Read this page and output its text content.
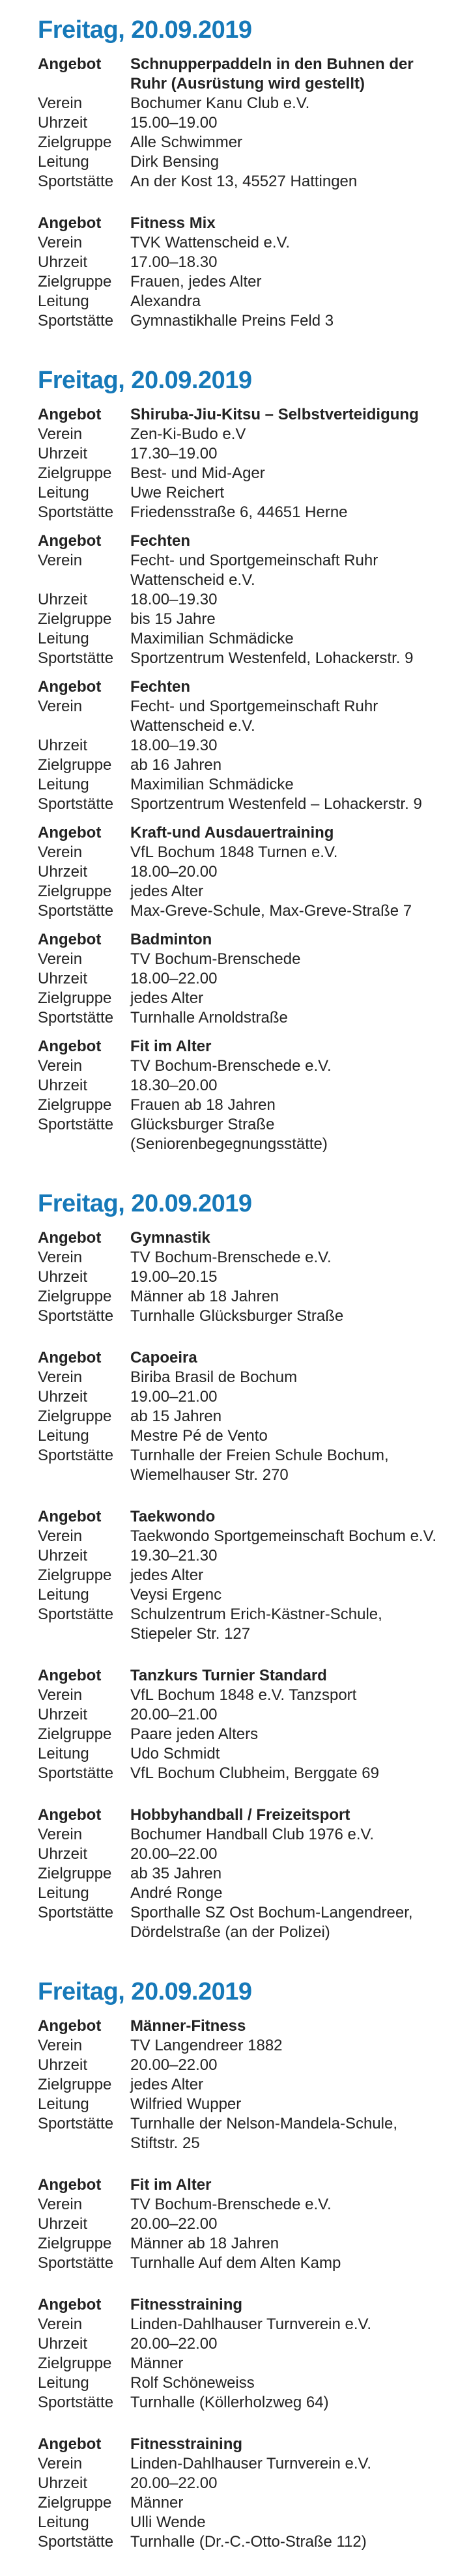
Freitag, 20.09.2019
Angebot	Schnupperpaddeln in den Buhnen der Ruhr (Ausrüstung wird gestellt)
Verein	Bochumer Kanu Club e.V.
Uhrzeit	15.00–19.00
Zielgruppe	Alle Schwimmer
Leitung	Dirk Bensing
Sportstätte	An der Kost 13, 45527 Hattingen
Angebot	Fitness Mix
Verein	TVK Wattenscheid e.V.
Uhrzeit	17.00–18.30
Zielgruppe	Frauen, jedes Alter
Leitung	Alexandra
Sportstätte	Gymnastikhalle Preins Feld 3
Freitag, 20.09.2019
Angebot	Shiruba-Jiu-Kitsu – Selbstverteidigung
Verein	Zen-Ki-Budo e.V
Uhrzeit	17.30–19.00
Zielgruppe	Best- und Mid-Ager
Leitung	Uwe Reichert
Sportstätte	Friedensstraße 6, 44651 Herne
Angebot	Fechten
Verein	Fecht- und Sportgemeinschaft Ruhr Wattenscheid e.V.
Uhrzeit	18.00–19.30
Zielgruppe	bis 15 Jahre
Leitung	Maximilian Schmädicke
Sportstätte	Sportzentrum Westenfeld, Lohackerstr. 9
Angebot	Fechten
Verein	Fecht- und Sportgemeinschaft Ruhr Wattenscheid e.V.
Uhrzeit	18.00–19.30
Zielgruppe	ab 16 Jahren
Leitung	Maximilian Schmädicke
Sportstätte	Sportzentrum Westenfeld – Lohackerstr. 9
Angebot	Kraft-und Ausdauertraining
Verein	VfL Bochum 1848 Turnen e.V.
Uhrzeit	18.00–20.00
Zielgruppe	jedes Alter
Sportstätte	Max-Greve-Schule, Max-Greve-Straße 7
Angebot	Badminton
Verein	TV Bochum-Brenschede
Uhrzeit	18.00–22.00
Zielgruppe	jedes Alter
Sportstätte	Turnhalle Arnoldstraße
Angebot	Fit im Alter
Verein	TV Bochum-Brenschede e.V.
Uhrzeit	18.30–20.00
Zielgruppe	Frauen ab 18 Jahren
Sportstätte	Glücksburger Straße (Seniorenbegegnungsstätte)
Freitag, 20.09.2019
Angebot	Gymnastik
Verein	TV Bochum-Brenschede e.V.
Uhrzeit	19.00–20.15
Zielgruppe	Männer ab 18 Jahren
Sportstätte	Turnhalle Glücksburger Straße
Angebot	Capoeira
Verein	Biriba Brasil de Bochum
Uhrzeit	19.00–21.00
Zielgruppe	ab 15 Jahren
Leitung	Mestre Pé de Vento
Sportstätte	Turnhalle der Freien Schule Bochum, Wiemelhauser Str. 270
Angebot	Taekwondo
Verein	Taekwondo Sportgemeinschaft Bochum e.V.
Uhrzeit	19.30–21.30
Zielgruppe	jedes Alter
Leitung	Veysi Ergenc
Sportstätte	Schulzentrum Erich-Kästner-Schule, Stiepeler Str. 127
Angebot	Tanzkurs Turnier Standard
Verein	VfL Bochum 1848 e.V. Tanzsport
Uhrzeit	20.00–21.00
Zielgruppe	Paare jeden Alters
Leitung	Udo Schmidt
Sportstätte	VfL Bochum Clubheim, Berggate 69
Angebot	Hobbyhandball / Freizeitsport
Verein	Bochumer Handball Club 1976 e.V.
Uhrzeit	20.00–22.00
Zielgruppe	ab 35 Jahren
Leitung	André Ronge
Sportstätte	Sporthalle SZ Ost Bochum-Langendreer, Dördelstraße (an der Polizei)
Freitag, 20.09.2019
Angebot	Männer-Fitness
Verein	TV Langendreer 1882
Uhrzeit	20.00–22.00
Zielgruppe	jedes Alter
Leitung	Wilfried Wupper
Sportstätte	Turnhalle der Nelson-Mandela-Schule, Stiftstr. 25
Angebot	Fit im Alter
Verein	TV Bochum-Brenschede e.V.
Uhrzeit	20.00–22.00
Zielgruppe	Männer ab 18 Jahren
Sportstätte	Turnhalle Auf dem Alten Kamp
Angebot	Fitnesstraining
Verein	Linden-Dahlhauser Turnverein e.V.
Uhrzeit	20.00–22.00
Zielgruppe	Männer
Leitung	Rolf Schöneweiss
Sportstätte	Turnhalle (Köllerholzweg 64)
Angebot	Fitnesstraining
Verein	Linden-Dahlhauser Turnverein e.V.
Uhrzeit	20.00–22.00
Zielgruppe	Männer
Leitung	Ulli Wende
Sportstätte	Turnhalle (Dr.-C.-Otto-Straße 112)
